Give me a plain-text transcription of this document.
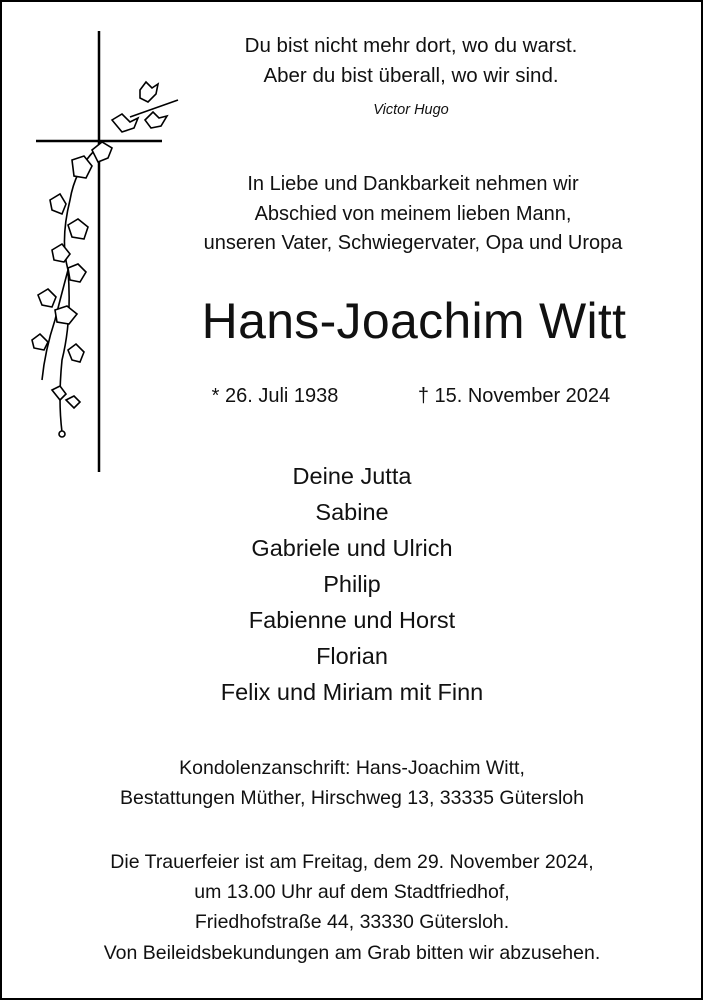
Du bist nicht mehr dort, wo du warst.
Aber du bist überall, wo wir sind.
Victor Hugo
In Liebe und Dankbarkeit nehmen wir
Abschied von meinem lieben Mann,
unseren Vater, Schwiegervater, Opa und Uropa
Hans-Joachim Witt
* 26. Juli 1938	† 15. November 2024
Deine Jutta
Sabine
Gabriele und Ulrich
Philip
Fabienne und Horst
Florian
Felix und Miriam mit Finn
Kondolenzanschrift: Hans-Joachim Witt,
Bestattungen Müther, Hirschweg 13, 33335 Gütersloh
Die Trauerfeier ist am Freitag, dem 29. November 2024,
um 13.00 Uhr auf dem Stadtfriedhof,
Friedhofstraße 44, 33330 Gütersloh.
Von Beileidsbekundungen am Grab bitten wir abzusehen.
